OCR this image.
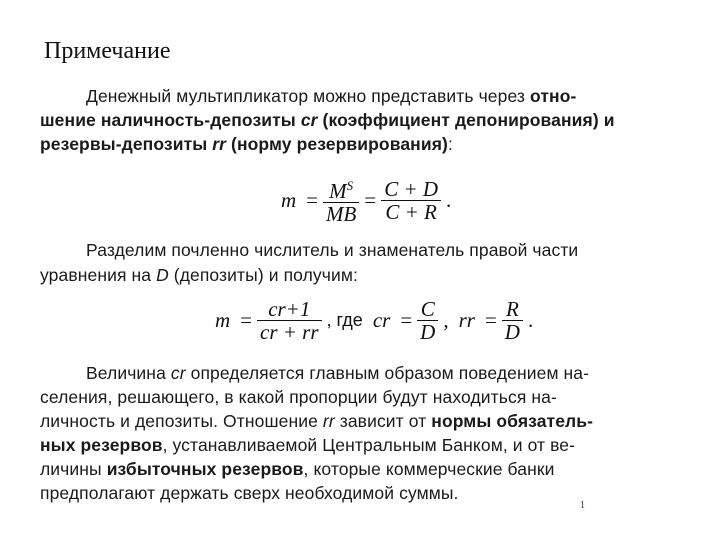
Примечание
Денежный мультипликатор можно представить через отно-
шение наличность-депозиты cr (коэффициент депонирования) и
резервы-депозиты rr (норму резервирования):
$m = \frac{M^S}{MB} = \frac{C + D}{C + R}$ .
Разделим почленно числитель и знаменатель правой части
уравнения на D (депозиты) и получим:
$m = \frac{cr+1}{cr + rr}$ , где cr = $\frac{C}{D}$ , rr = $\frac{R}{D}$ .
Величина cr определяется главным образом поведением на-
селения, решающего, в какой пропорции будут находиться на-
личность и депозиты. Отношение rr зависит от нормы обязатель-
ных резервов, устанавливаемой Центральным Банком, и от ве-
личины избыточных резервов, которые коммерческие банки
предполагают держать сверх необходимой суммы.
1
